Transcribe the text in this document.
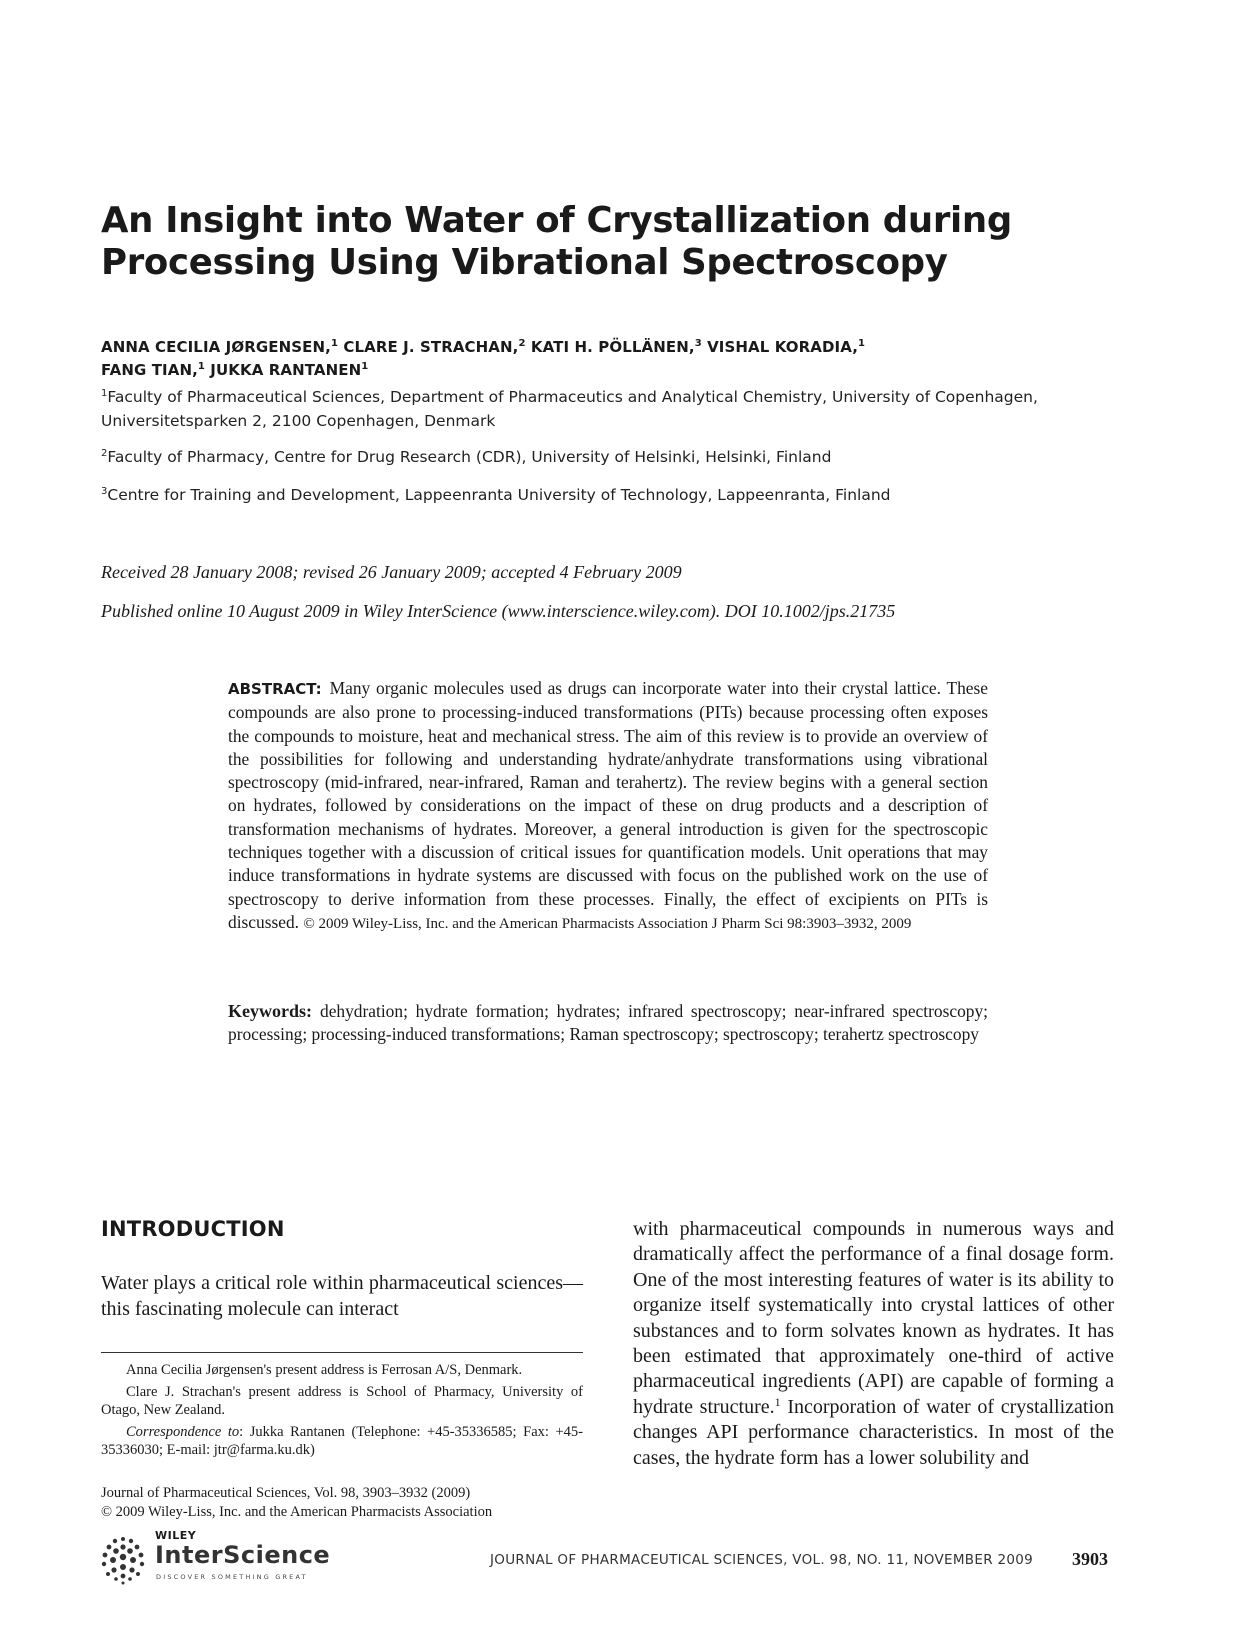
An Insight into Water of Crystallization during Processing Using Vibrational Spectroscopy
ANNA CECILIA JØRGENSEN,$^1$ CLARE J. STRACHAN,$^2$ KATI H. PÖLLÄNEN,$^3$ VISHAL KORADIA,$^1$
FANG TIAN,$^1$ JUKKA RANTANEN$^1$
$^1$Faculty of Pharmaceutical Sciences, Department of Pharmaceutics and Analytical Chemistry, University of Copenhagen, Universitetsparken 2, 2100 Copenhagen, Denmark
$^2$Faculty of Pharmacy, Centre for Drug Research (CDR), University of Helsinki, Helsinki, Finland
$^3$Centre for Training and Development, Lappeenranta University of Technology, Lappeenranta, Finland
Received 28 January 2008; revised 26 January 2009; accepted 4 February 2009
Published online 10 August 2009 in Wiley InterScience (www.interscience.wiley.com). DOI 10.1002/jps.21735
ABSTRACT: Many organic molecules used as drugs can incorporate water into their crystal lattice. These compounds are also prone to processing-induced transformations (PITs) because processing often exposes the compounds to moisture, heat and mechanical stress. The aim of this review is to provide an overview of the possibilities for following and understanding hydrate/anhydrate transformations using vibrational spectroscopy (mid-infrared, near-infrared, Raman and terahertz). The review begins with a general section on hydrates, followed by considerations on the impact of these on drug products and a description of transformation mechanisms of hydrates. Moreover, a general introduction is given for the spectroscopic techniques together with a discussion of critical issues for quantification models. Unit operations that may induce transformations in hydrate systems are discussed with focus on the published work on the use of spectroscopy to derive information from these processes. Finally, the effect of excipients on PITs is discussed. © 2009 Wiley-Liss, Inc. and the American Pharmacists Association J Pharm Sci 98:3903–3932, 2009
Keywords: dehydration; hydrate formation; hydrates; infrared spectroscopy; near-infrared spectroscopy; processing; processing-induced transformations; Raman spectroscopy; spectroscopy; terahertz spectroscopy
INTRODUCTION
Water plays a critical role within pharmaceutical sciences—this fascinating molecule can interact

Anna Cecilia Jørgensen's present address is Ferrosan A/S, Denmark.

Clare J. Strachan's present address is School of Pharmacy, University of Otago, New Zealand.

Correspondence to: Jukka Rantanen (Telephone: +45-35336585; Fax: +45-35336030; E-mail: jtr@farma.ku.dk)

Journal of Pharmaceutical Sciences, Vol. 98, 3903–3932 (2009)
© 2009 Wiley-Liss, Inc. and the American Pharmacists Association
with pharmaceutical compounds in numerous ways and dramatically affect the performance of a final dosage form. One of the most interesting features of water is its ability to organize itself systematically into crystal lattices of other substances and to form solvates known as hydrates. It has been estimated that approximately one-third of active pharmaceutical ingredients (API) are capable of forming a hydrate structure.$^1$ Incorporation of water of crystallization changes API performance characteristics. In most of the cases, the hydrate form has a lower solubility and
WILEY
InterScience
DISCOVER SOMETHING GREAT
JOURNAL OF PHARMACEUTICAL SCIENCES, VOL. 98, NO. 11, NOVEMBER 2009 3903
